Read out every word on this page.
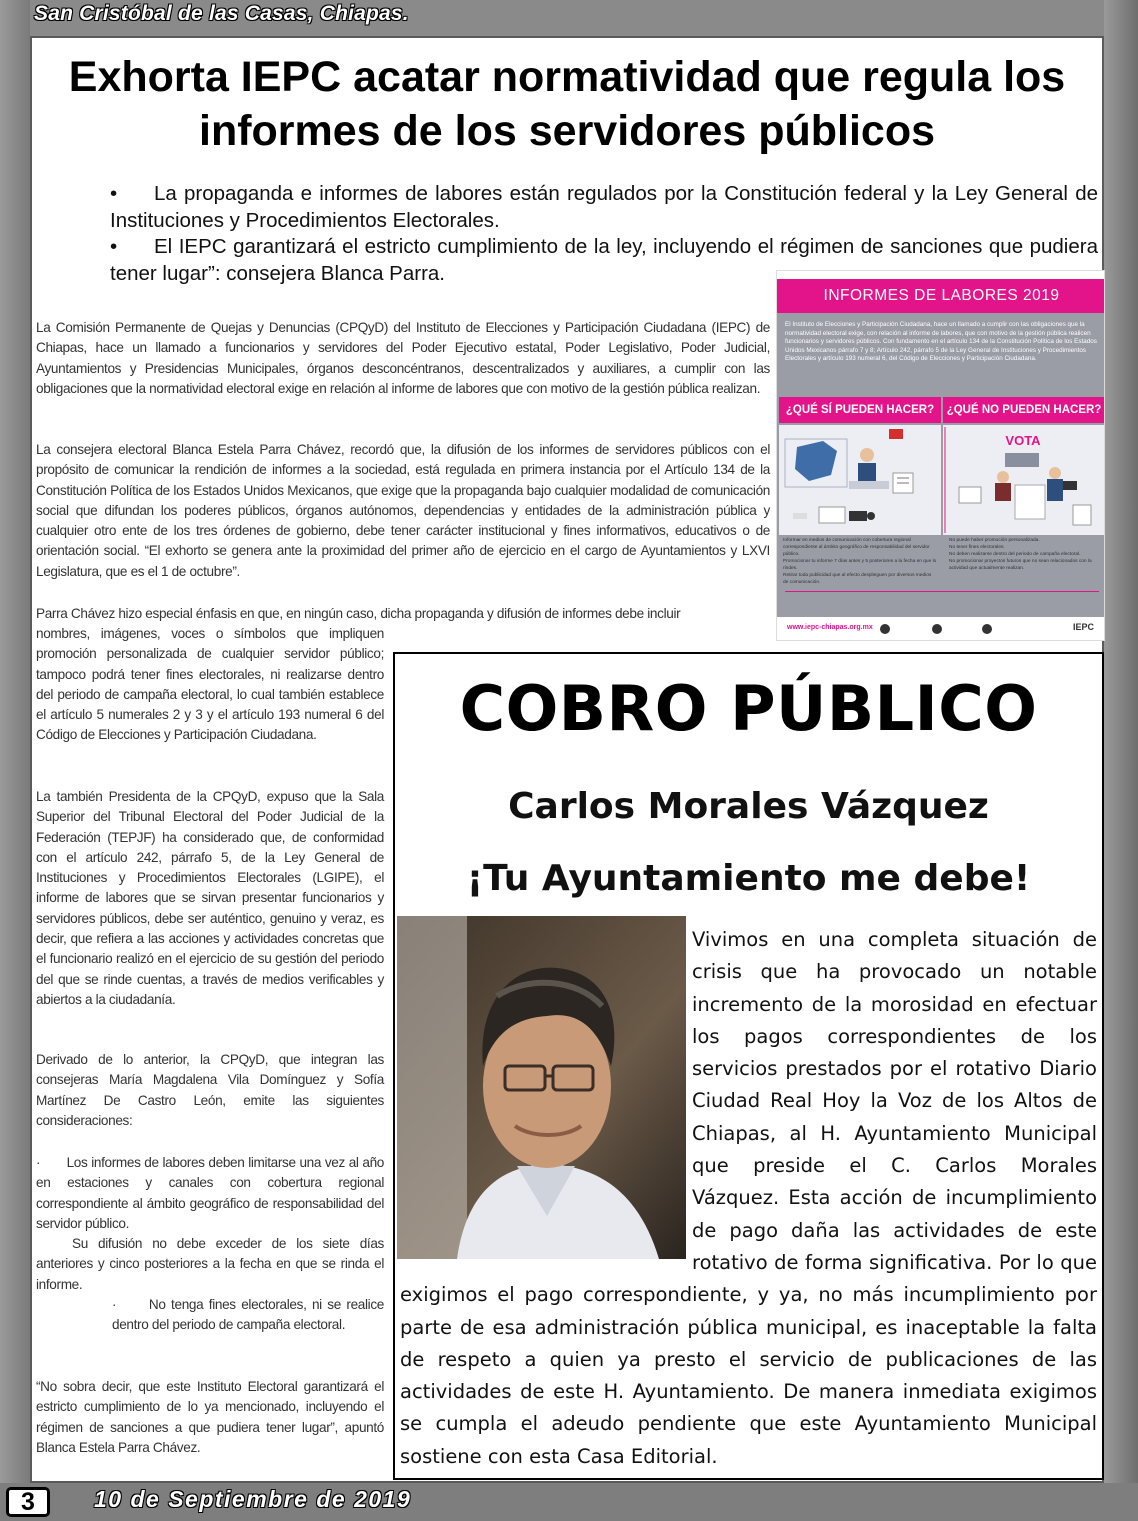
San Cristóbal de las Casas, Chiapas.
3	10 de Septiembre de 2019
Exhorta IEPC acatar normatividad que regula los informes de los servidores públicos
• La propaganda e informes de labores están regulados por la Constitución federal y la Ley General de Instituciones y Procedimientos Electorales.
• El IEPC garantizará el estricto cumplimiento de la ley, incluyendo el régimen de sanciones que pudiera tener lugar”: consejera Blanca Parra.

La Comisión Permanente de Quejas y Denuncias (CPQyD) del Instituto de Elecciones y Participación Ciudadana (IEPC) de Chiapas, hace un llamado a funcionarios y servidores del Poder Ejecutivo estatal, Poder Legislativo, Poder Judicial, Ayuntamientos y Presidencias Municipales, órganos desconcéntranos, descentralizados y auxiliares, a cumplir con las obligaciones que la normatividad electoral exige en relación al informe de labores que con motivo de la gestión pública realizan.

La consejera electoral Blanca Estela Parra Chávez, recordó que, la difusión de los informes de servidores públicos con el propósito de comunicar la rendición de informes a la sociedad, está regulada en primera instancia por el Artículo 134 de la Constitución Política de los Estados Unidos Mexicanos, que exige que la propaganda bajo cualquier modalidad de comunicación social que difundan los poderes públicos, órganos autónomos, dependencias y entidades de la administración pública y cualquier otro ente de los tres órdenes de gobierno, debe tener carácter institucional y fines informativos, educativos o de orientación social. “El exhorto se genera ante la proximidad del primer año de ejercicio en el cargo de Ayuntamientos y LXVI Legislatura, que es el 1 de octubre”.

Parra Chávez hizo especial énfasis en que, en ningún caso, dicha propaganda y difusión de informes debe incluir

nombres, imágenes, voces o símbolos que impliquen promoción personalizada de cualquier servidor público; tampoco podrá tener fines electorales, ni realizarse dentro del periodo de campaña electoral, lo cual también establece el artículo 5 numerales 2 y 3 y el artículo 193 numeral 6 del Código de Elecciones y Participación Ciudadana.

La también Presidenta de la CPQyD, expuso que la Sala Superior del Tribunal Electoral del Poder Judicial de la Federación (TEPJF) ha considerado que, de conformidad con el artículo 242, párrafo 5, de la Ley General de Instituciones y Procedimientos Electorales (LGIPE), el informe de labores que se sirvan presentar funcionarios y servidores públicos, debe ser auténtico, genuino y veraz, es decir, que refiera a las acciones y actividades concretas que el funcionario realizó en el ejercicio de su gestión del periodo del que se rinde cuentas, a través de medios verificables y abiertos a la ciudadanía.

Derivado de lo anterior, la CPQyD, que integran las consejeras María Magdalena Vila Domínguez y Sofía Martínez De Castro León, emite las siguientes consideraciones:

· Los informes de labores deben limitarse una vez al año en estaciones y canales con cobertura regional correspondiente al ámbito geográfico de responsabilidad del servidor público.

Su difusión no debe exceder de los siete días anteriores y cinco posteriores a la fecha en que se rinda el informe.

· No tenga fines electorales, ni se realice dentro del periodo de campaña electoral.

“No sobra decir, que este Instituto Electoral garantizará el estricto cumplimiento de lo ya mencionado, incluyendo el régimen de sanciones a que pudiera tener lugar”, apuntó Blanca Estela Parra Chávez.

INFORMES DE LABORES 2019
El Instituto de Elecciones y Participación Ciudadana, hace un llamado a cumplir con las obligaciones que la normatividad electoral exige, con relación al informe de labores, que con motivo de la gestión pública realicen funcionarios y servidores públicos. Con fundamento en el artículo 134 de la Constitución Política de los Estados Unidos Mexicanos párrafo 7 y 8; Artículo 242, párrafo 5 de la Ley General de Instituciones y Procedimientos Electorales y artículo 193 numeral 6, del Código de Elecciones y Participación Ciudadana.
¿QUÉ SÍ PUEDEN HACER?	¿QUÉ NO PUEDEN HACER?
VOTA
Informar en medios de comunicación con cobertura regional correspondiente al ámbito geográfico de responsabilidad del servidor público.
Promocionar tu informe 7 días antes y 5 posteriores a la fecha en que lo rindes.
Retirar toda publicidad que al efecto desplieguen por diversos medios de comunicación.
No puede haber promoción personalizada.
No tener fines electorales.
No deben realizarse dentro del periodo de campaña electoral.
No promocionar proyectos futuros que no sean relacionados con la actividad que actualmente realizan.
www.iepc-chiapas.org.mx	IEPC
COBRO PÚBLICO
Carlos Morales Vázquez
¡Tu Ayuntamiento me debe!

Vivimos en una completa situación de crisis que ha provocado un notable incremento de la morosidad en efectuar los pagos correspondientes de los servicios prestados por el rotativo Diario Ciudad Real Hoy la Voz de los Altos de Chiapas, al H. Ayuntamiento Municipal que preside el C. Carlos Morales Vázquez. Esta acción de incumplimiento de pago daña las actividades de este rotativo de forma significativa. Por lo que exigimos el pago correspondiente, y ya, no más incumplimiento por parte de esa administración pública municipal, es inaceptable la falta de respeto a quien ya presto el servicio de publicaciones de las actividades de este H. Ayuntamiento. De manera inmediata exigimos se cumpla el adeudo pendiente que este Ayuntamiento Municipal sostiene con esta Casa Editorial.
